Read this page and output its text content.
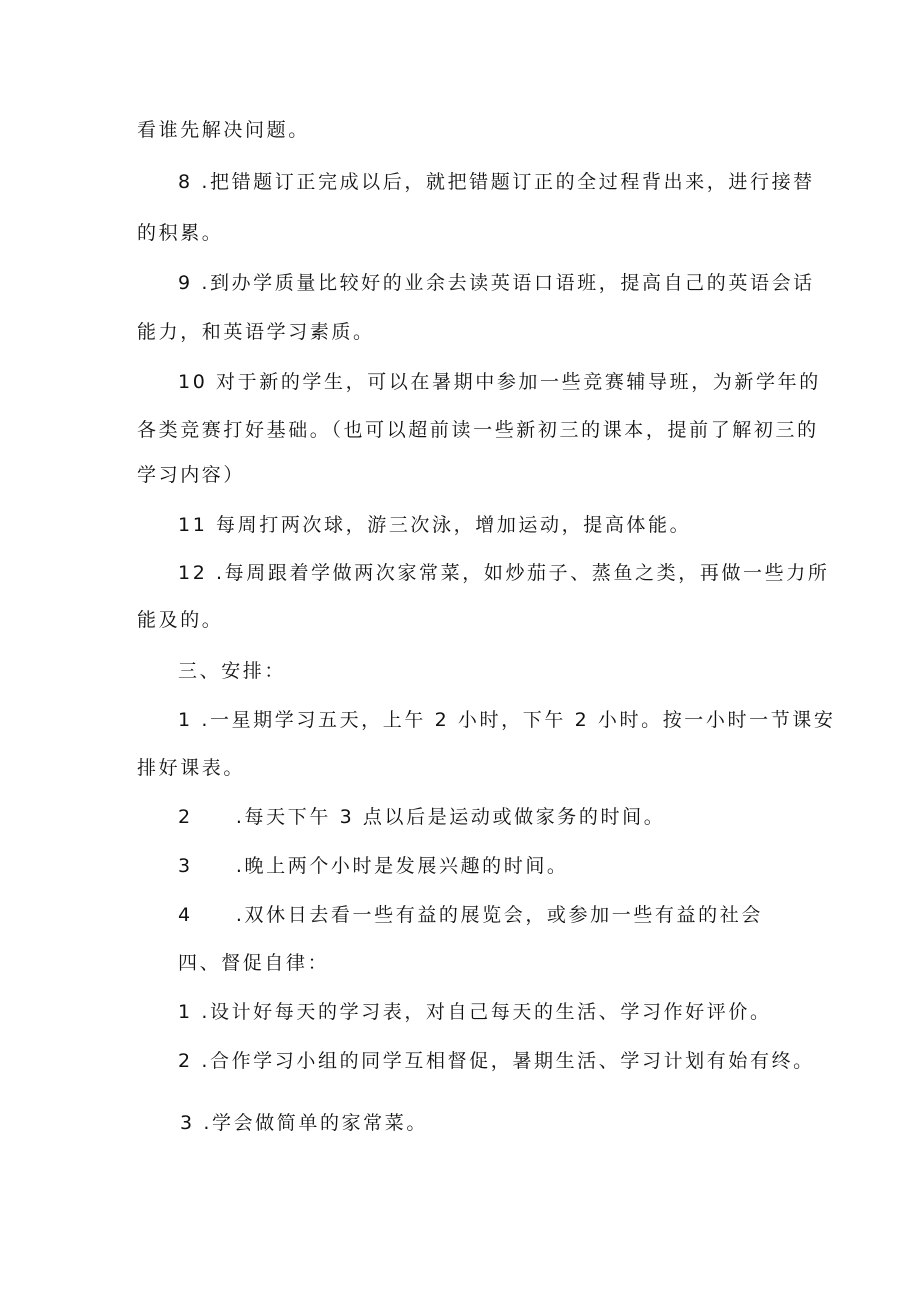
看谁先解决问题。
8 .把错题订正完成以后，就把错题订正的全过程背出来，进行接替
的积累。
9 .到办学质量比较好的业余去读英语口语班，提高自己的英语会话
能力，和英语学习素质。
10 对于新的学生，可以在暑期中参加一些竞赛辅导班，为新学年的
各类竞赛打好基础。（也可以超前读一些新初三的课本，提前了解初三的
学习内容）
11 每周打两次球，游三次泳，增加运动，提高体能。
12 .每周跟着学做两次家常菜，如炒茄子、蒸鱼之类，再做一些力所
能及的。
三、安排：
1 .一星期学习五天，上午 2 小时，下午 2 小时。按一小时一节课安
排好课表。
2　　.每天下午 3 点以后是运动或做家务的时间。
3　　.晚上两个小时是发展兴趣的时间。
4　　.双休日去看一些有益的展览会，或参加一些有益的社会
四、督促自律：
1 .设计好每天的学习表，对自己每天的生活、学习作好评价。
2 .合作学习小组的同学互相督促，暑期生活、学习计划有始有终。
3 .学会做简单的家常菜。
